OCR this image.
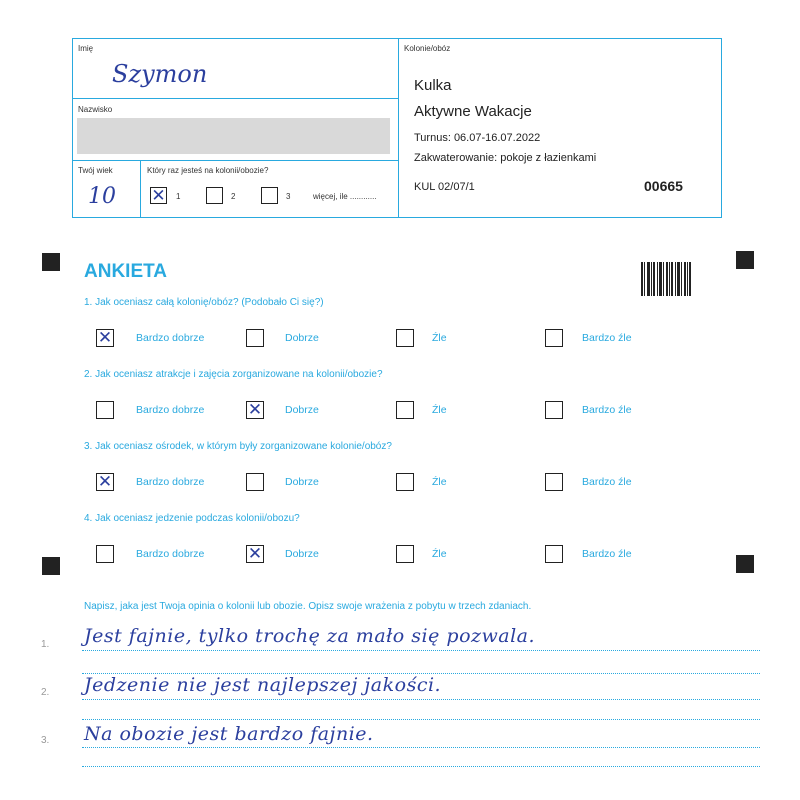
Imię
Szymon
Nazwisko
Twój wiek
10
Który raz jesteś na kolonii/obozie?
✕ 1	2	3	więcej, ile ............
Kolonie/obóz
Kulka
Aktywne Wakacje
Turnus: 06.07-16.07.2022
Zakwaterowanie: pokoje z łazienkami
KUL 02/07/1	00665
ANKIETA
1. Jak oceniasz całą kolonię/obóz? (Podobało Ci się?)
✕ Bardzo dobrze	Dobrze	Źle	Bardzo źle
2. Jak oceniasz atrakcje i zajęcia zorganizowane na kolonii/obozie?
Bardzo dobrze	✕ Dobrze	Źle	Bardzo źle
3. Jak oceniasz ośrodek, w którym były zorganizowane kolonie/obóz?
✕ Bardzo dobrze	Dobrze	Źle	Bardzo źle
4. Jak oceniasz jedzenie podczas kolonii/obozu?
Bardzo dobrze	✕ Dobrze	Źle	Bardzo źle
Napisz, jaka jest Twoja opinia o kolonii lub obozie. Opisz swoje wrażenia z pobytu w trzech zdaniach.
1. Jest fajnie, tylko trochę za mało się pozwala.
2. Jedzenie nie jest najlepszej jakości.
3. Na obozie jest bardzo fajnie.
